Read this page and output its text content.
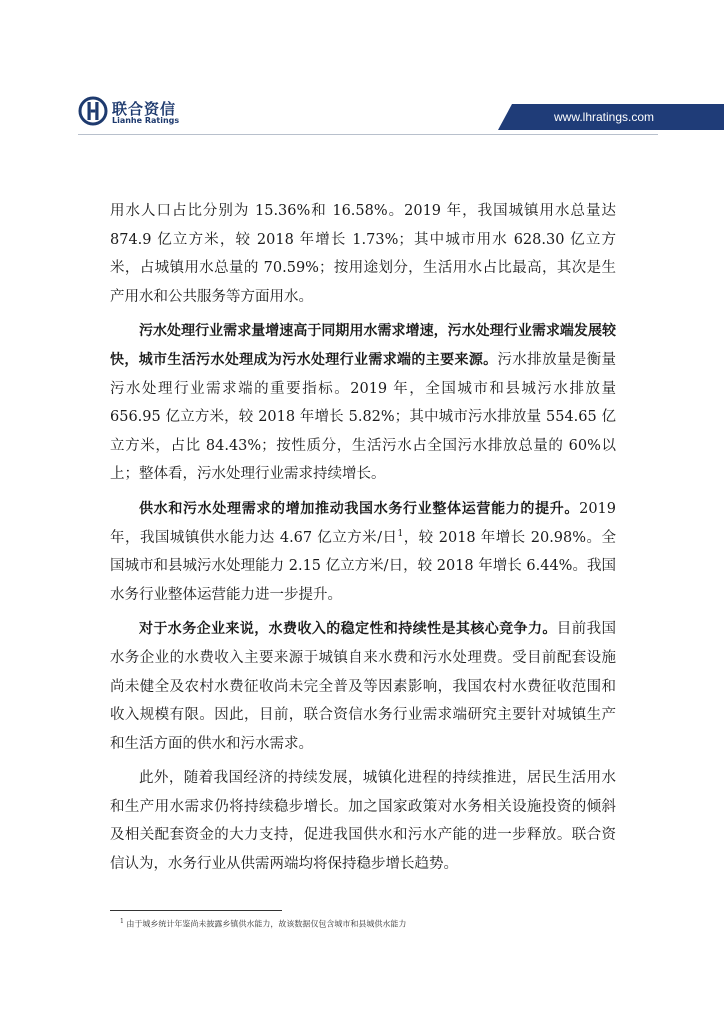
联合资信
Lianhe Ratings	www.lhratings.com

用水人口占比分别为 15.36%和 16.58%。2019 年，我国城镇用水总量达 874.9 亿立方米，较 2018 年增长 1.73%；其中城市用水 628.30 亿立方米，占城镇用水总量的 70.59%；按用途划分，生活用水占比最高，其次是生产用水和公共服务等方面用水。

污水处理行业需求量增速高于同期用水需求增速，污水处理行业需求端发展较快，城市生活污水处理成为污水处理行业需求端的主要来源。污水排放量是衡量污水处理行业需求端的重要指标。2019 年，全国城市和县城污水排放量 656.95 亿立方米，较 2018 年增长 5.82%；其中城市污水排放量 554.65 亿立方米，占比 84.43%；按性质分，生活污水占全国污水排放总量的 60%以上；整体看，污水处理行业需求持续增长。

供水和污水处理需求的增加推动我国水务行业整体运营能力的提升。2019 年，我国城镇供水能力达 4.67 亿立方米/日$^1$，较 2018 年增长 20.98%。全国城市和县城污水处理能力 2.15 亿立方米/日，较 2018 年增长 6.44%。我国水务行业整体运营能力进一步提升。

对于水务企业来说，水费收入的稳定性和持续性是其核心竞争力。目前我国水务企业的水费收入主要来源于城镇自来水费和污水处理费。受目前配套设施尚未健全及农村水费征收尚未完全普及等因素影响，我国农村水费征收范围和收入规模有限。因此，目前，联合资信水务行业需求端研究主要针对城镇生产和生活方面的供水和污水需求。

此外，随着我国经济的持续发展，城镇化进程的持续推进，居民生活用水和生产用水需求仍将持续稳步增长。加之国家政策对水务相关设施投资的倾斜及相关配套资金的大力支持，促进我国供水和污水产能的进一步释放。联合资信认为，水务行业从供需两端均将保持稳步增长趋势。

$^1$ 由于城乡统计年鉴尚未披露乡镇供水能力，故该数据仅包含城市和县城供水能力
